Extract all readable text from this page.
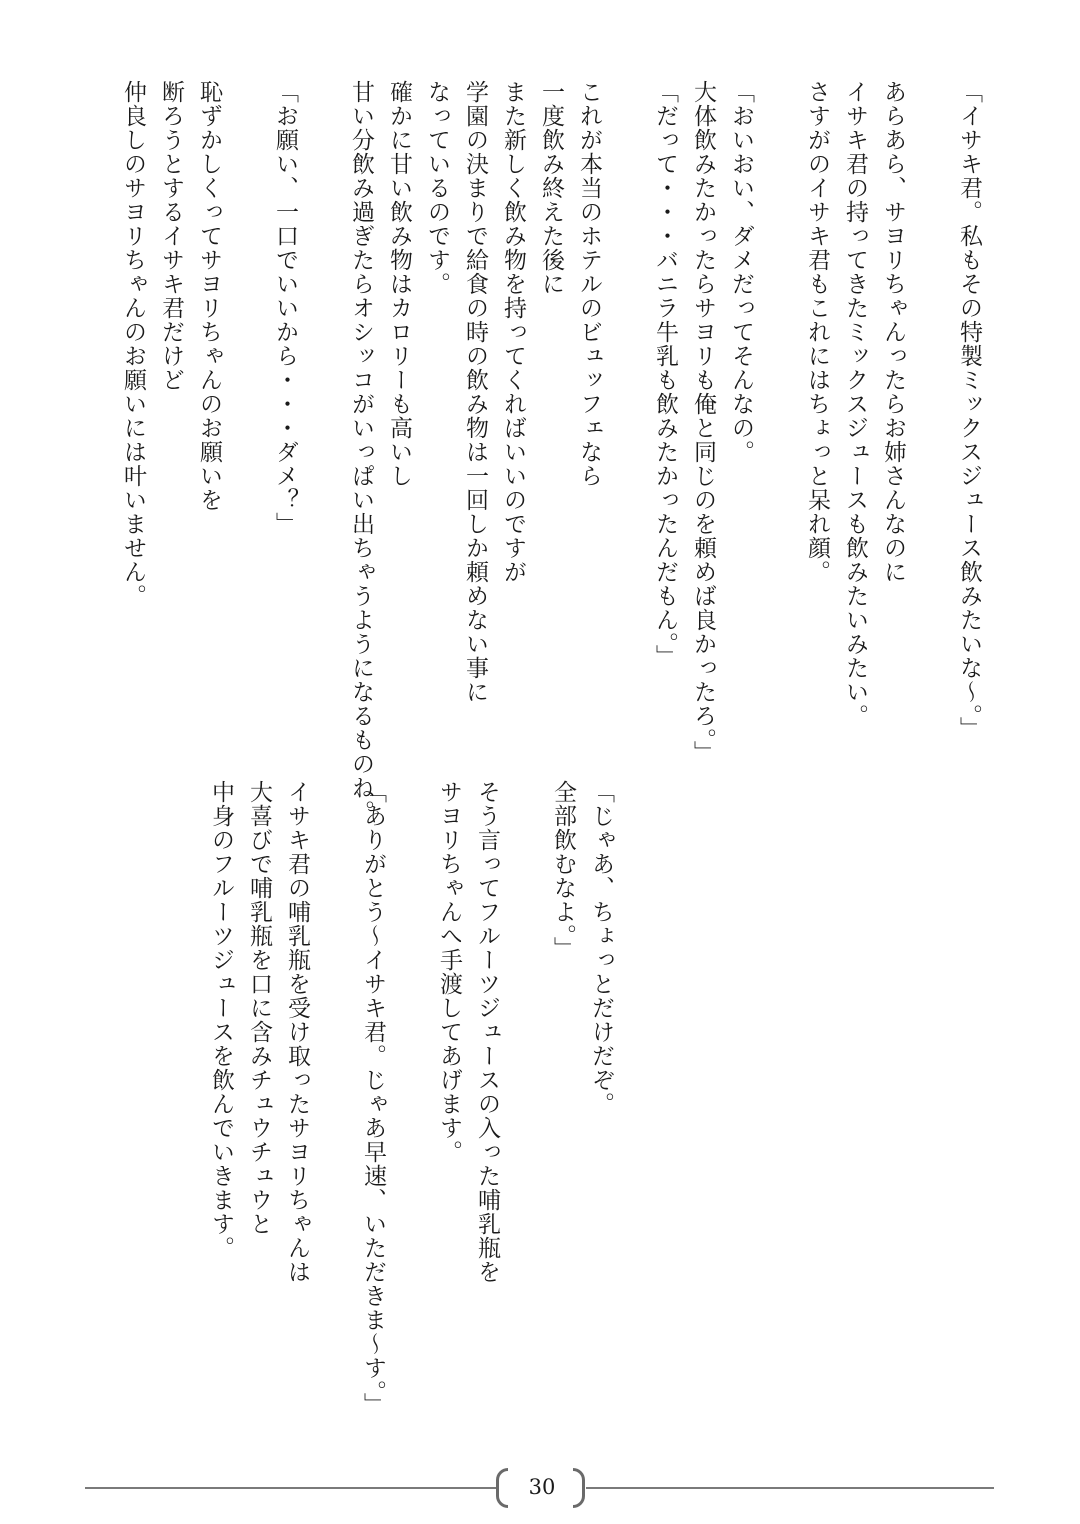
「イサキ君。私もその特製ミックスジュース飲みたいな～。」

あらあら、サヨリちゃんったらお姉さんなのに

イサキ君の持ってきたミックスジュースも飲みたいみたい。

さすがのイサキ君もこれにはちょっと呆れ顔。

「おいおい、ダメだってそんなの。

大体飲みたかったらサヨリも俺と同じのを頼めば良かったろ。」

「だって・・・バニラ牛乳も飲みたかったんだもん。」

これが本当のホテルのビュッフェなら

一度飲み終えた後に

また新しく飲み物を持ってくればいいのですが

学園の決まりで給食の時の飲み物は一回しか頼めない事に

なっているのです。

確かに甘い飲み物はカロリーも高いし

甘い分飲み過ぎたらオシッコがいっぱい出ちゃうようになるものね。

「お願い、一口でいいから・・・ダメ？」

恥ずかしくってサヨリちゃんのお願いを

断ろうとするイサキ君だけど

仲良しのサヨリちゃんのお願いには叶いません。

「じゃあ、ちょっとだけだぞ。

全部飲むなよ。」

そう言ってフルーツジュースの入った哺乳瓶を

サヨリちゃんへ手渡してあげます。

「ありがとう～イサキ君。じゃあ早速、いただきま～す。」

イサキ君の哺乳瓶を受け取ったサヨリちゃんは

大喜びで哺乳瓶を口に含みチュウチュウと

中身のフルーツジュースを飲んでいきます。

30
